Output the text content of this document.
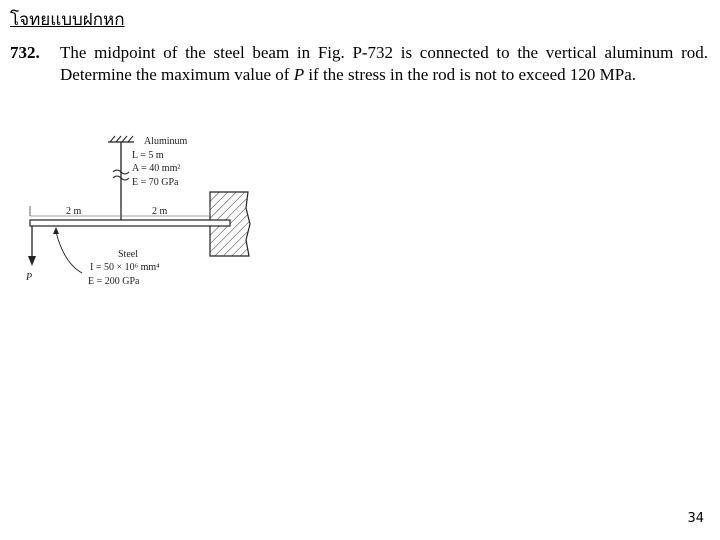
โจทยแบบฝกหก
732. The midpoint of the steel beam in Fig. P-732 is connected to the vertical aluminum rod. Determine the maximum value of P if the stress in the rod is not to exceed 120 MPa.
Aluminum
L = 5 m
A = 40 mm²
E = 70 GPa
2 m	2 m
Steel
I = 50 × 10⁶ mm⁴
E = 200 GPa
P
34
